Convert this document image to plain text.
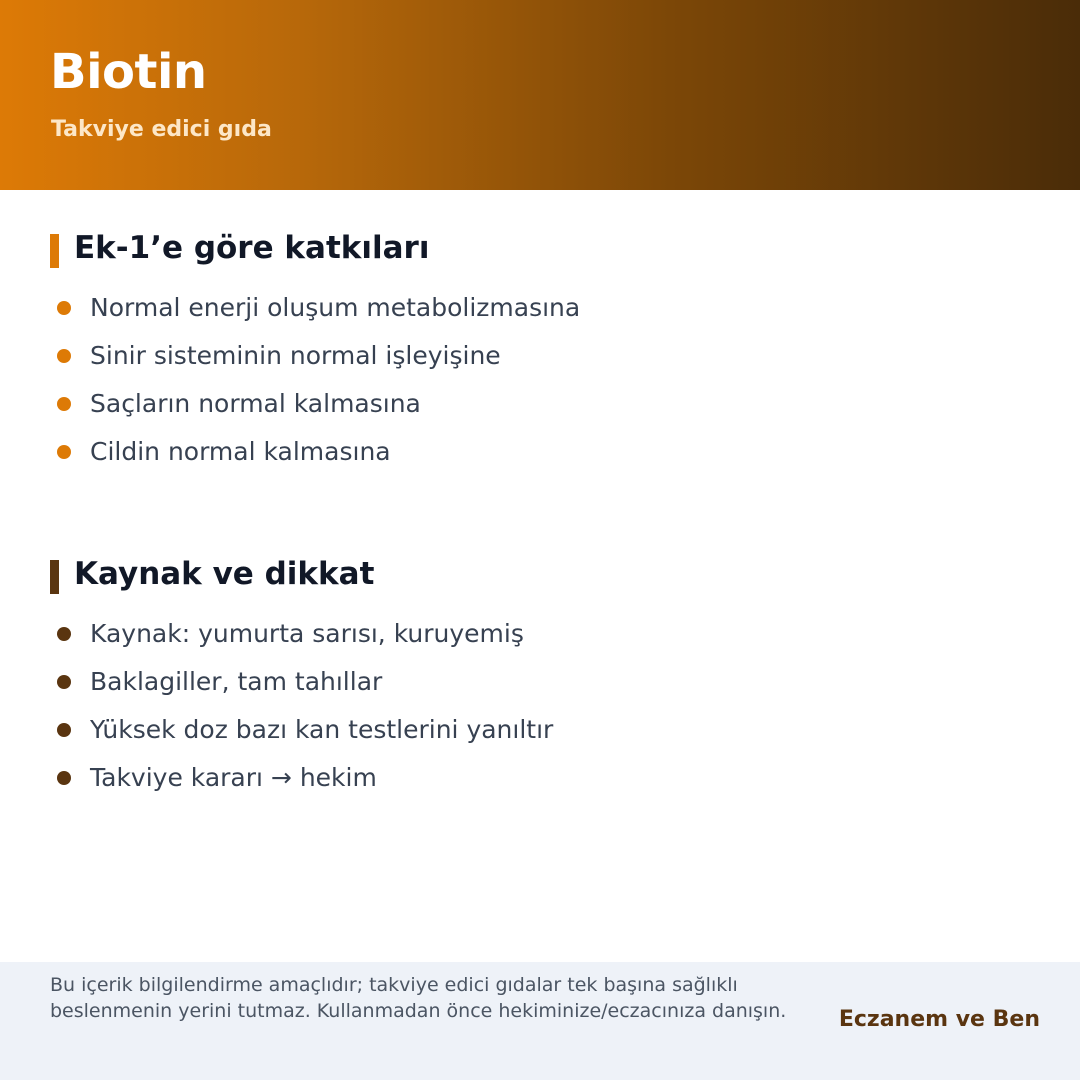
Biotin
Takviye edici gıda
Ek-1’e göre katkıları
Normal enerji oluşum metabolizmasına
Sinir sisteminin normal işleyişine
Saçların normal kalmasına
Cildin normal kalmasına
Kaynak ve dikkat
Kaynak: yumurta sarısı, kuruyemiş
Baklagiller, tam tahıllar
Yüksek doz bazı kan testlerini yanıltır
Takviye kararı → hekim

Bu içerik bilgilendirme amaçlıdır; takviye edici gıdalar tek başına sağlıklı beslenmenin yerini tutmaz. Kullanmadan önce hekiminize/eczacınıza danışın.	Eczanem ve Ben
